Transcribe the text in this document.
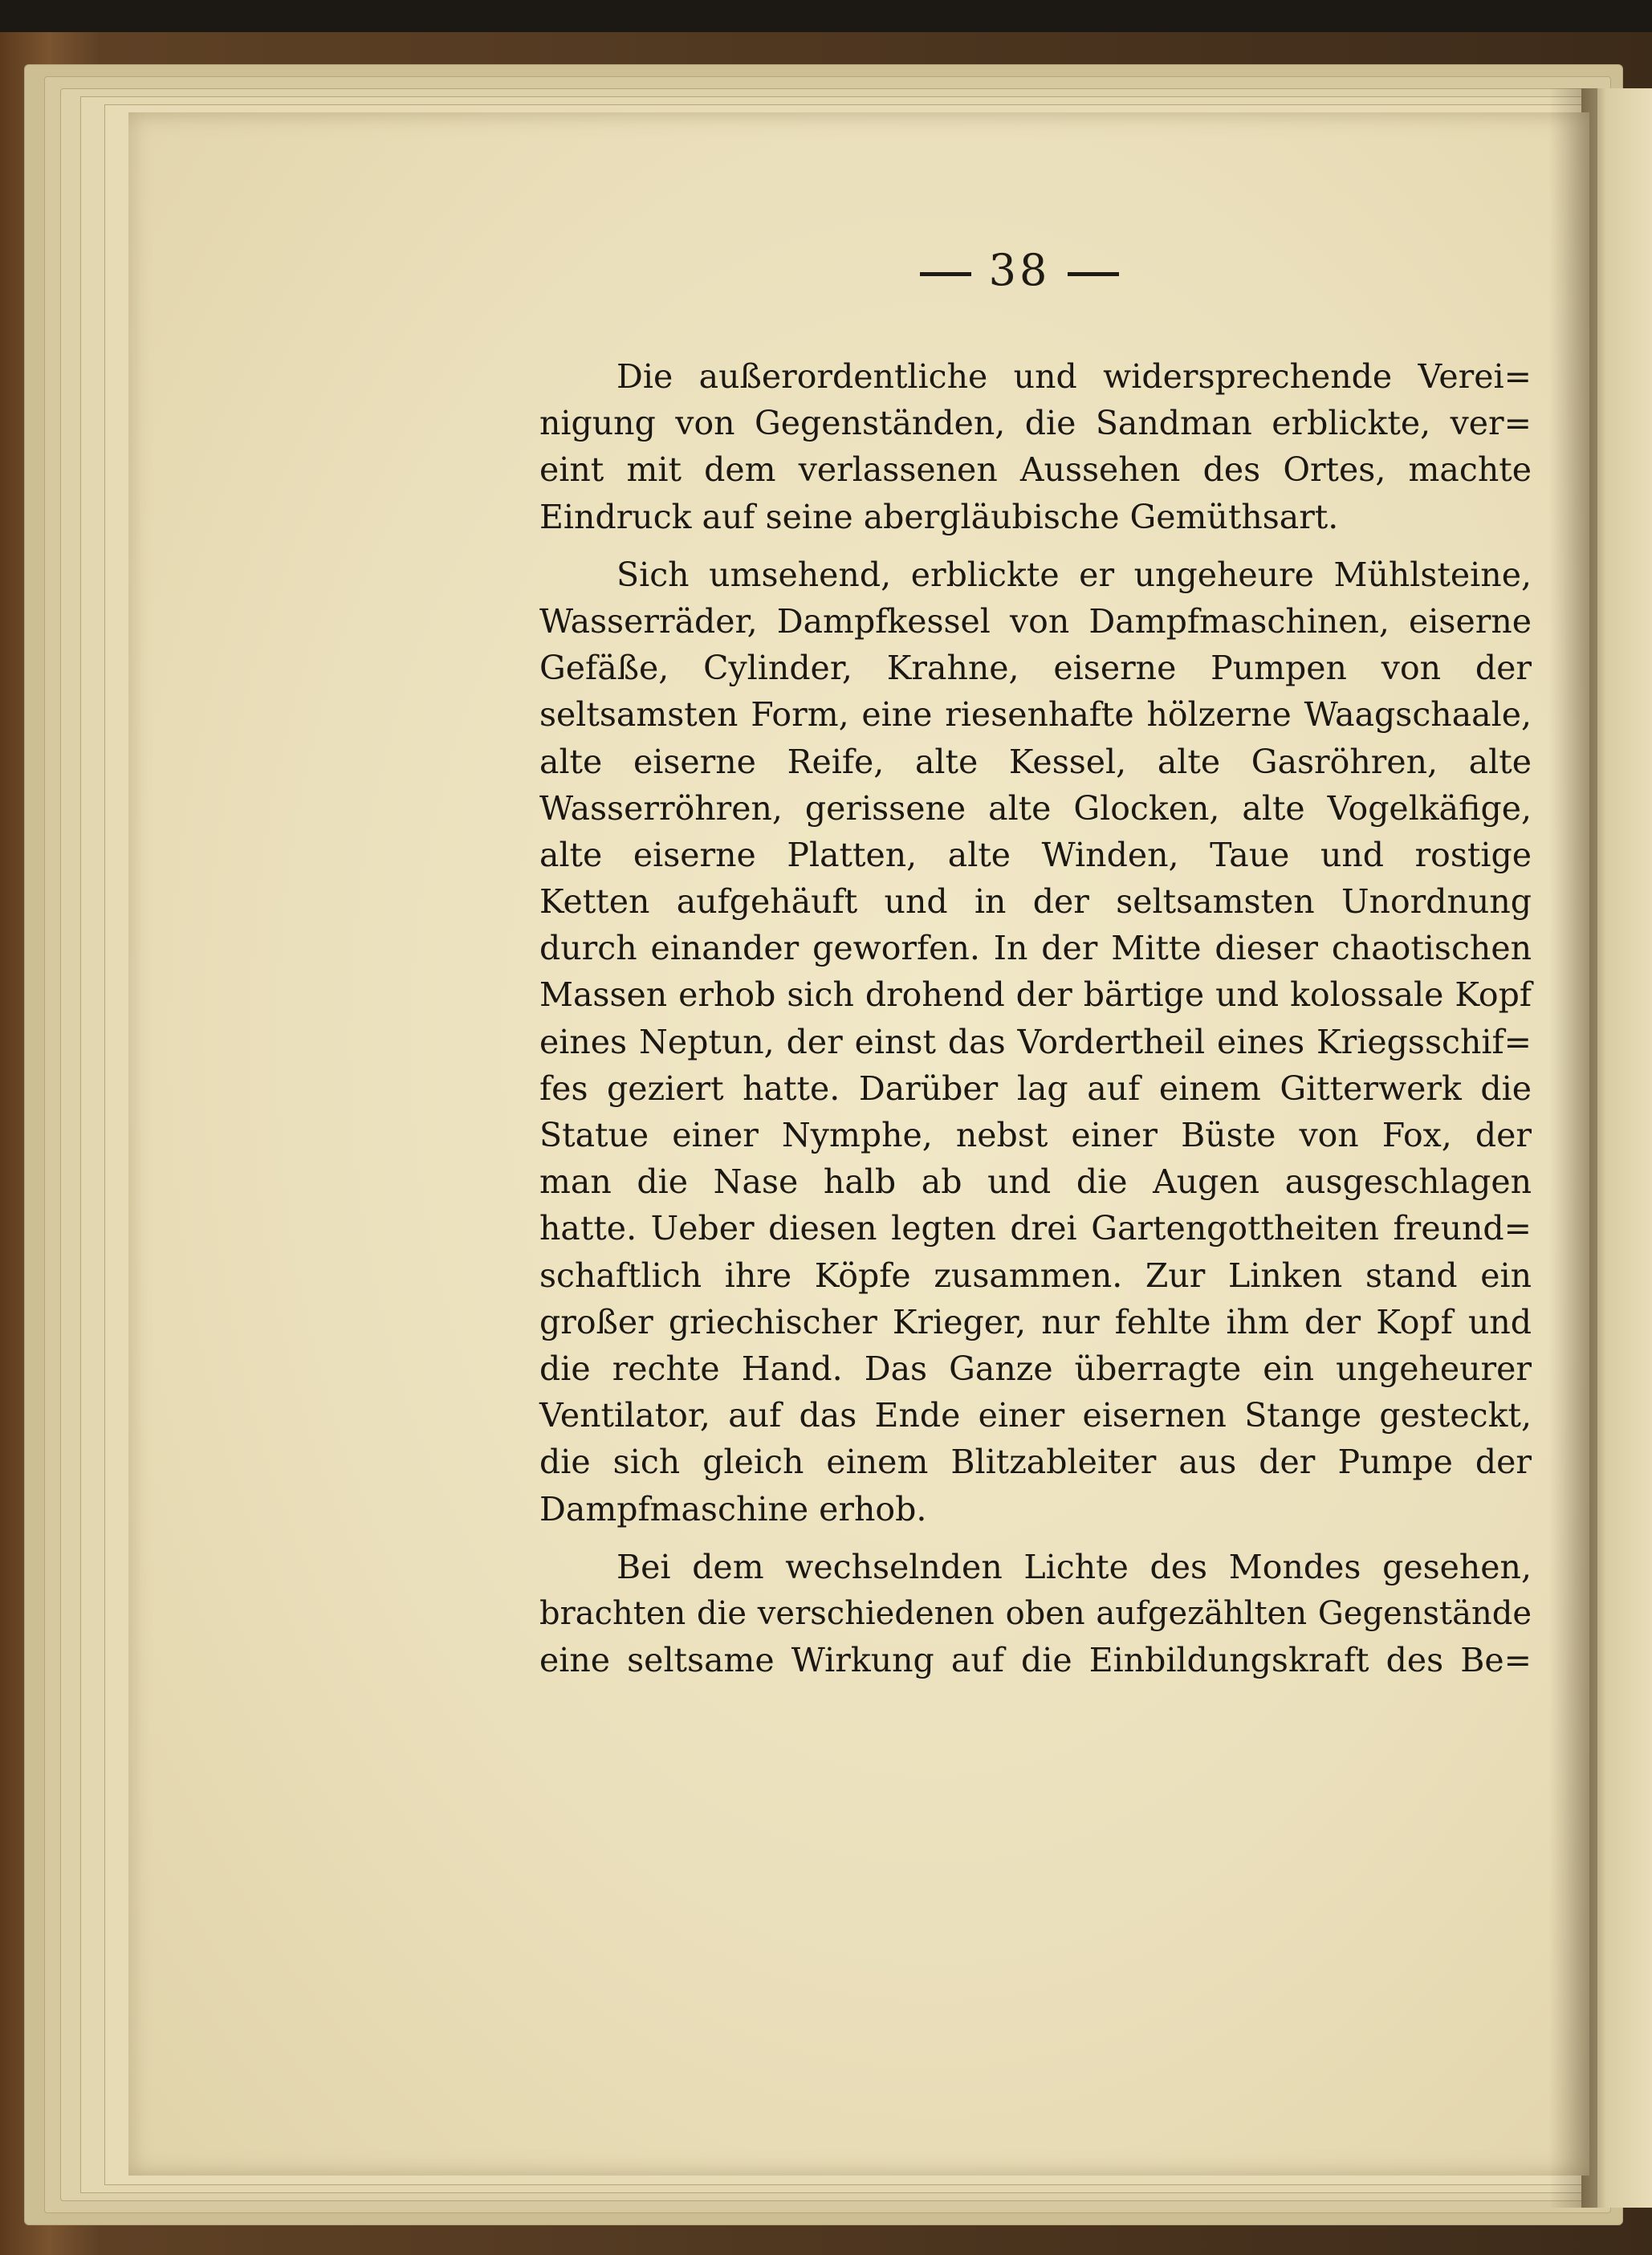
38
Die außerordentliche und widersprechende Verei=
nigung von Gegenständen, die Sandman erblickte, ver=
eint mit dem verlassenen Aussehen des Ortes, machte
Eindruck auf seine abergläubische Gemüthsart.
Sich umsehend, erblickte er ungeheure Mühlsteine,
Wasserräder, Dampfkessel von Dampfmaschinen, eiserne
Gefäße, Cylinder, Krahne, eiserne Pumpen von der
seltsamsten Form, eine riesenhafte hölzerne Waagschaale,
alte eiserne Reife, alte Kessel, alte Gasröhren, alte
Wasserröhren, gerissene alte Glocken, alte Vogelkäfige,
alte eiserne Platten, alte Winden, Taue und rostige
Ketten aufgehäuft und in der seltsamsten Unordnung
durch einander geworfen. In der Mitte dieser chaotischen
Massen erhob sich drohend der bärtige und kolossale Kopf
eines Neptun, der einst das Vordertheil eines Kriegsschif=
fes geziert hatte. Darüber lag auf einem Gitterwerk die
Statue einer Nymphe, nebst einer Büste von Fox, der
man die Nase halb ab und die Augen ausgeschlagen
hatte. Ueber diesen legten drei Gartengottheiten freund=
schaftlich ihre Köpfe zusammen. Zur Linken stand ein
großer griechischer Krieger, nur fehlte ihm der Kopf und
die rechte Hand. Das Ganze überragte ein ungeheurer
Ventilator, auf das Ende einer eisernen Stange gesteckt,
die sich gleich einem Blitzableiter aus der Pumpe der
Dampfmaschine erhob.
Bei dem wechselnden Lichte des Mondes gesehen,
brachten die verschiedenen oben aufgezählten Gegenstände
eine seltsame Wirkung auf die Einbildungskraft des Be=
